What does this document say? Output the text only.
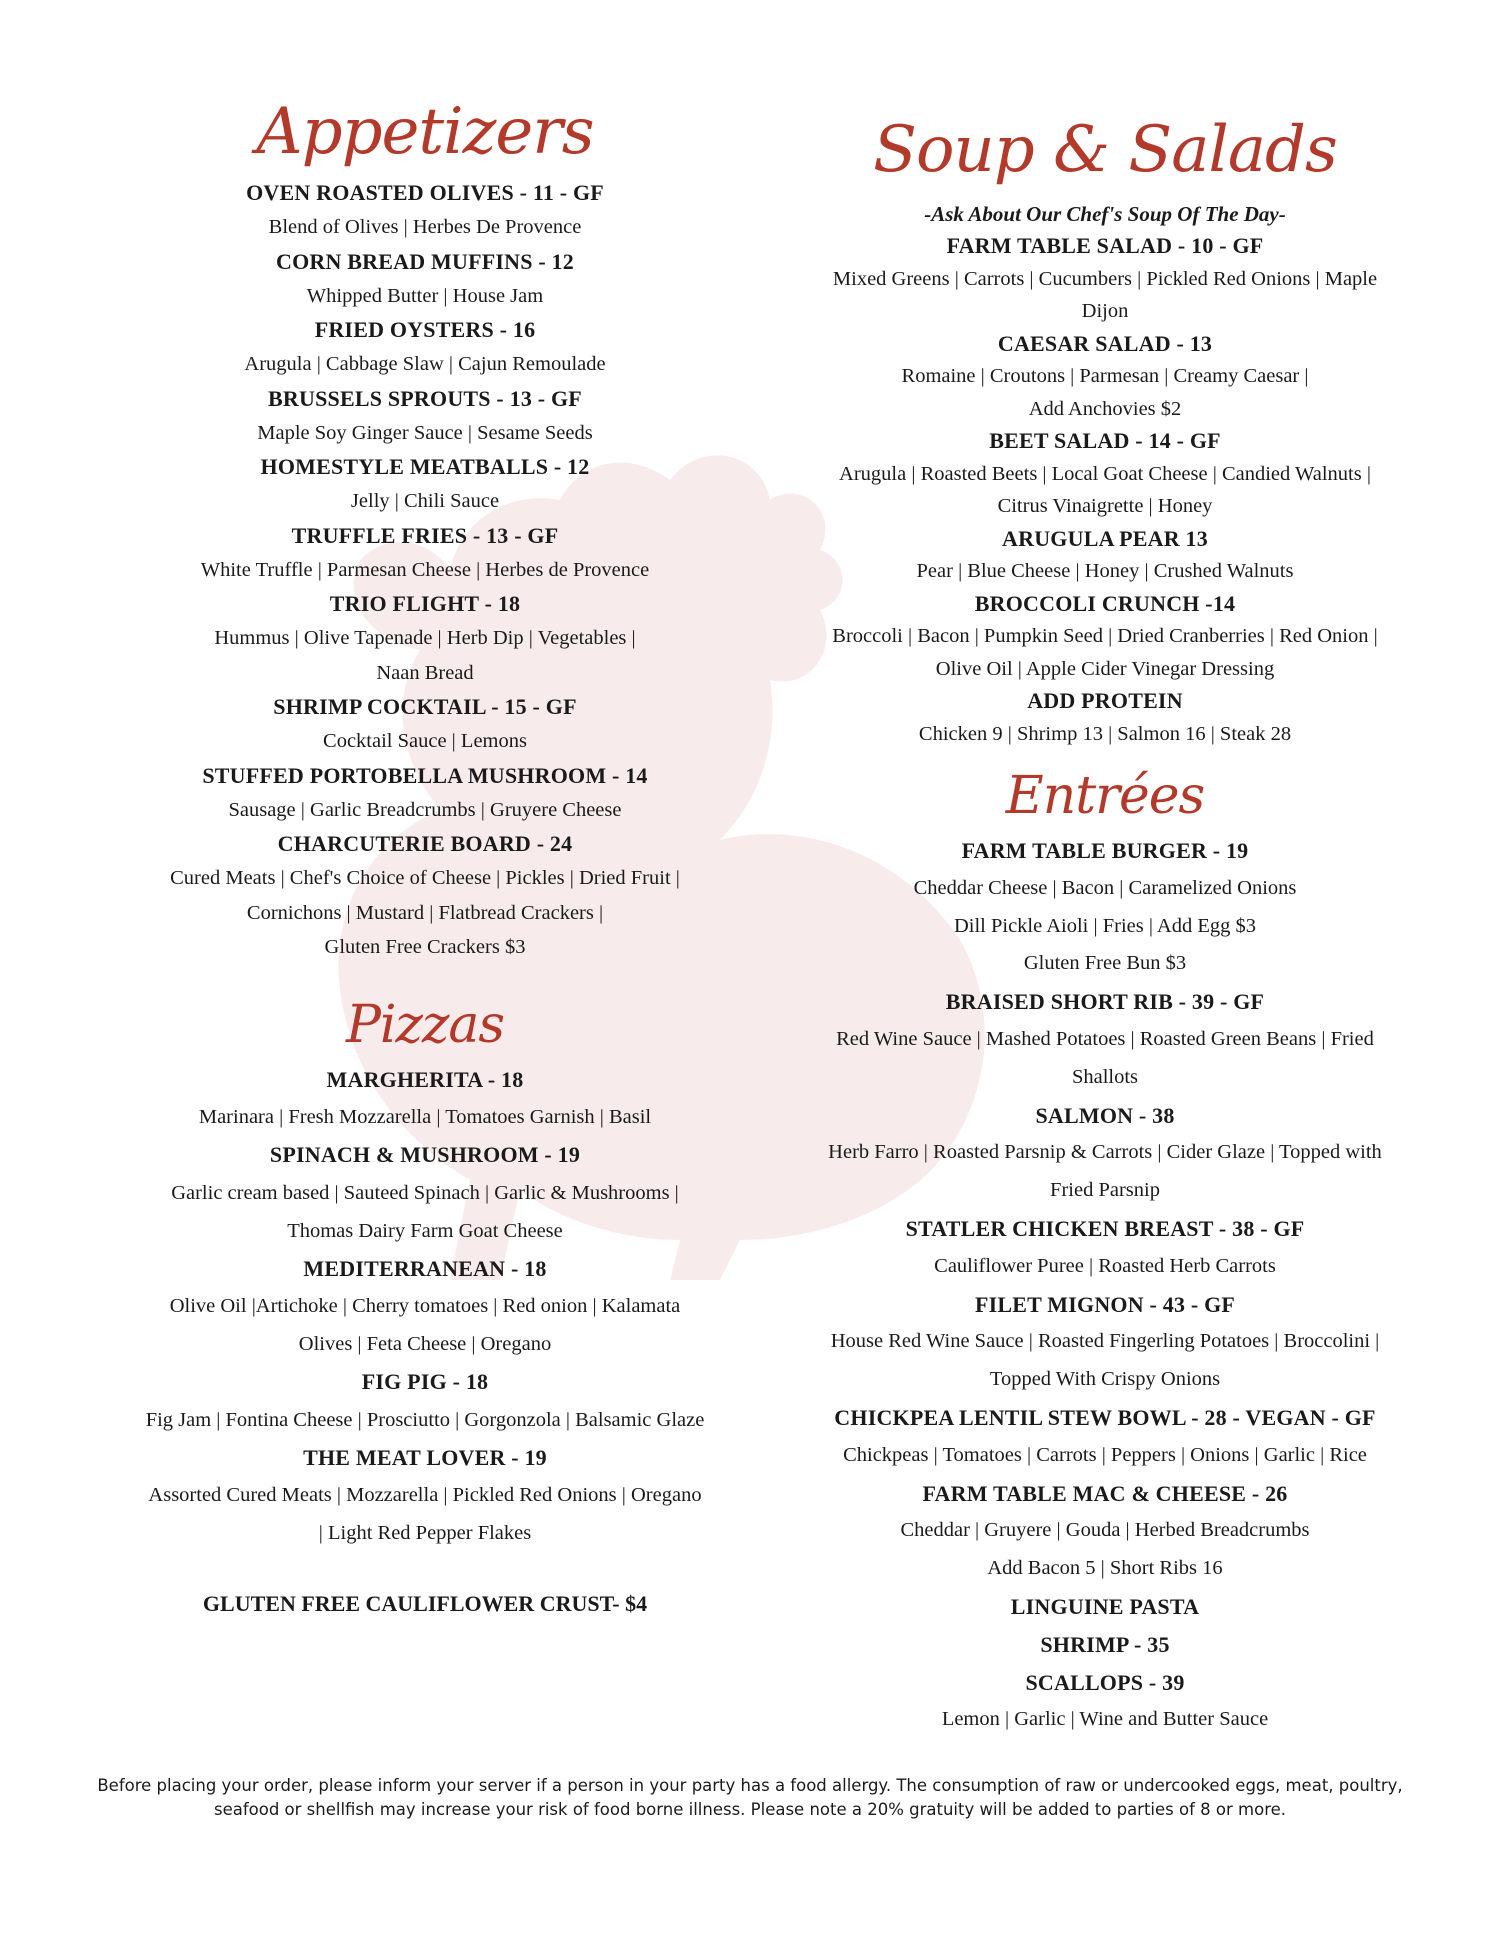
Appetizers

OVEN ROASTED OLIVES - 11 - GF

Blend of Olives | Herbes De Provence

CORN BREAD MUFFINS - 12

Whipped Butter | House Jam

FRIED OYSTERS - 16

Arugula | Cabbage Slaw | Cajun Remoulade

BRUSSELS SPROUTS - 13 - GF

Maple Soy Ginger Sauce | Sesame Seeds

HOMESTYLE MEATBALLS - 12

Jelly | Chili Sauce

TRUFFLE FRIES - 13 - GF

White Truffle | Parmesan Cheese | Herbes de Provence

TRIO FLIGHT - 18

Hummus | Olive Tapenade | Herb Dip | Vegetables |

Naan Bread

SHRIMP COCKTAIL - 15 - GF

Cocktail Sauce | Lemons

STUFFED PORTOBELLA MUSHROOM - 14

Sausage | Garlic Breadcrumbs | Gruyere Cheese

CHARCUTERIE BOARD - 24

Cured Meats | Chef's Choice of Cheese | Pickles | Dried Fruit |

Cornichons | Mustard | Flatbread Crackers |

Gluten Free Crackers $3

Pizzas

MARGHERITA - 18

Marinara | Fresh Mozzarella | Tomatoes Garnish | Basil

SPINACH & MUSHROOM - 19

Garlic cream based | Sauteed Spinach | Garlic & Mushrooms |

Thomas Dairy Farm Goat Cheese

MEDITERRANEAN - 18

Olive Oil |Artichoke | Cherry tomatoes | Red onion | Kalamata

Olives | Feta Cheese | Oregano

FIG PIG - 18

Fig Jam | Fontina Cheese | Prosciutto | Gorgonzola | Balsamic Glaze

THE MEAT LOVER - 19

Assorted Cured Meats | Mozzarella | Pickled Red Onions | Oregano

| Light Red Pepper Flakes

GLUTEN FREE CAULIFLOWER CRUST- $4

Soup & Salads

-Ask About Our Chef's Soup Of The Day-

FARM TABLE SALAD - 10 - GF

Mixed Greens | Carrots | Cucumbers | Pickled Red Onions | Maple

Dijon

CAESAR SALAD - 13

Romaine | Croutons | Parmesan | Creamy Caesar |

Add Anchovies $2

BEET SALAD - 14 - GF

Arugula | Roasted Beets | Local Goat Cheese | Candied Walnuts |

Citrus Vinaigrette | Honey

ARUGULA PEAR 13

Pear | Blue Cheese | Honey | Crushed Walnuts

BROCCOLI CRUNCH -14

Broccoli | Bacon | Pumpkin Seed | Dried Cranberries | Red Onion |

Olive Oil | Apple Cider Vinegar Dressing

ADD PROTEIN

Chicken 9 | Shrimp 13 | Salmon 16 | Steak 28

Entrées

FARM TABLE BURGER - 19

Cheddar Cheese | Bacon | Caramelized Onions

Dill Pickle Aioli | Fries | Add Egg $3

Gluten Free Bun $3

BRAISED SHORT RIB - 39 - GF

Red Wine Sauce | Mashed Potatoes | Roasted Green Beans | Fried

Shallots

SALMON - 38

Herb Farro | Roasted Parsnip & Carrots | Cider Glaze | Topped with

Fried Parsnip

STATLER CHICKEN BREAST - 38 - GF

Cauliflower Puree | Roasted Herb Carrots

FILET MIGNON - 43 - GF

House Red Wine Sauce | Roasted Fingerling Potatoes | Broccolini |

Topped With Crispy Onions

CHICKPEA LENTIL STEW BOWL - 28 - VEGAN - GF

Chickpeas | Tomatoes | Carrots | Peppers | Onions | Garlic | Rice

FARM TABLE MAC & CHEESE - 26

Cheddar | Gruyere | Gouda | Herbed Breadcrumbs

Add Bacon 5 | Short Ribs 16

LINGUINE PASTA

SHRIMP - 35

SCALLOPS - 39

Lemon | Garlic | Wine and Butter Sauce

Before placing your order, please inform your server if a person in your party has a food allergy. The consumption of raw or undercooked eggs, meat, poultry,
seafood or shellfish may increase your risk of food borne illness. Please note a 20% gratuity will be added to parties of 8 or more.
